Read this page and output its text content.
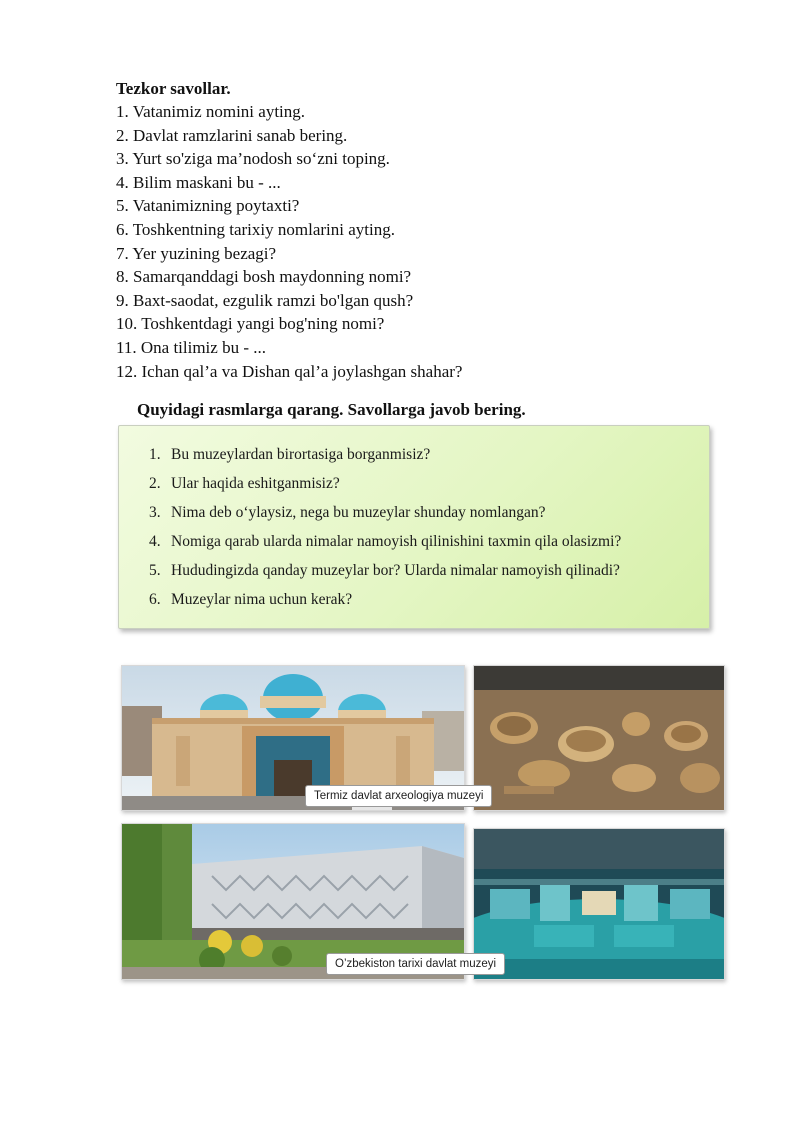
Tezkor savollar.
1. Vatanimiz nomini ayting.
2. Davlat ramzlarini sanab bering.
3. Yurt so'ziga ma’nodosh so‘zni toping.
4. Bilim maskani bu - ...
5. Vatanimizning poytaxti?
6. Toshkentning tarixiy nomlarini ayting.
7. Yer yuzining bezagi?
8. Samarqanddagi bosh maydonning nomi?
9. Baxt-saodat, ezgulik ramzi bo'lgan qush?
10. Toshkentdagi yangi bog'ning nomi?
11. Ona tilimiz bu - ...
12. Ichan qal’a va Dishan qal’a joylashgan shahar?

Quyidagi rasmlarga qarang. Savollarga javob bering.

1. Bu muzeylardan birortasiga borganmisiz?
2. Ular haqida eshitganmisiz?
3. Nima deb o‘ylaysiz, nega bu muzeylar shunday nomlangan?
4. Nomiga qarab ularda nimalar namoyish qilinishini taxmin qila olasizmi?
5. Hududingizda qanday muzeylar bor? Ularda nimalar namoyish qilinadi?
6. Muzeylar nima uchun kerak?
Termiz davlat arxeologiya muzeyi
O’zbekiston tarixi davlat muzeyi
